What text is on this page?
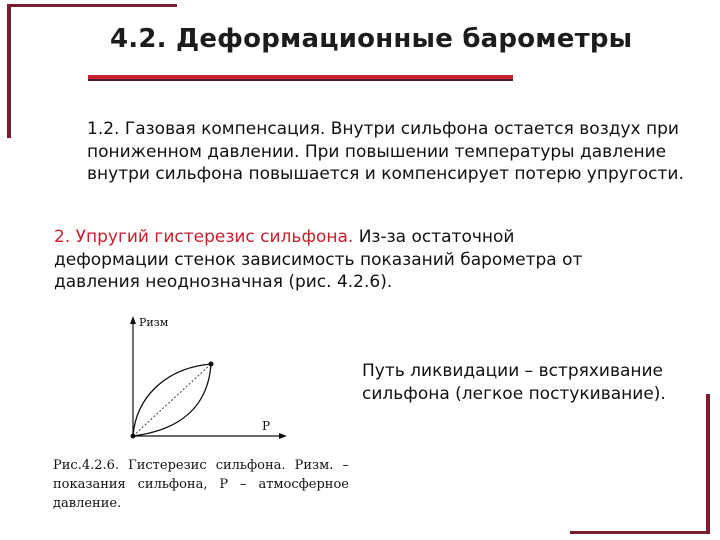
4.2. Деформационные барометры

1.2. Газовая компенсация. Внутри сильфона остается воздух при пониженном давлении. При повышении температуры давление внутри сильфона повышается и компенсирует потерю упругости.

2. Упругий гистерезис сильфона. Из-за остаточной деформации стенок зависимость показаний барометра от давления неоднозначная (рис. 4.2.6).

Pизм

P

Рис.4.2.6. Гистерезис сильфона. Pизм. – показания сильфона, P – атмосферное давление.

Путь ликвидации – встряхивание сильфона (легкое постукивание).
